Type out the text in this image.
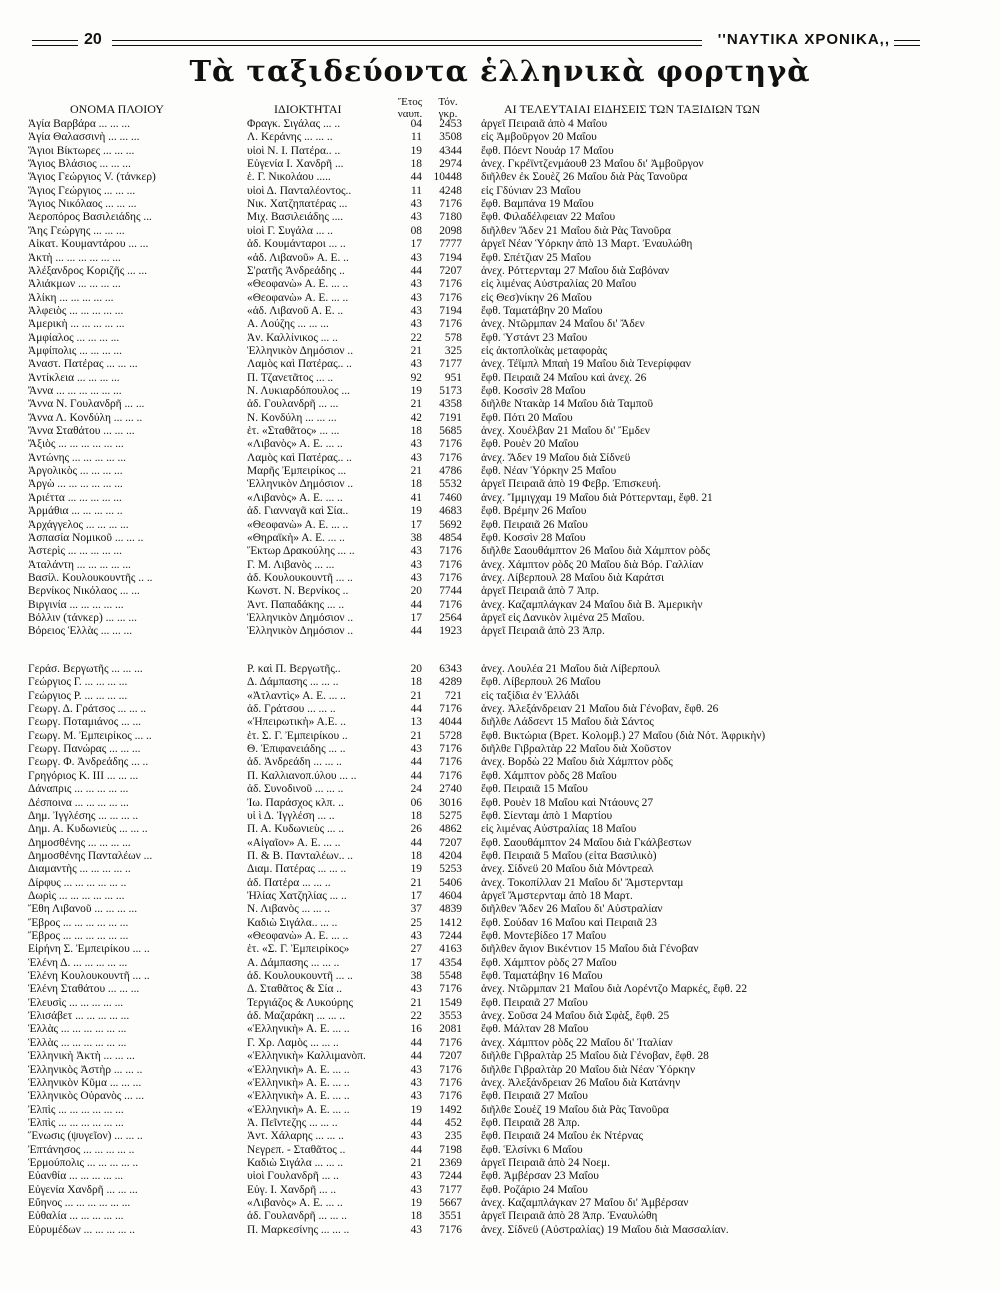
20	''ΝΑΥΤΙΚΑ ΧΡΟΝΙΚΑ,,
Τὰ ταξιδεύοντα ἑλληνικὰ φορτηγὰ
ΟΝΟΜΑ ΠΛΟΙΟΥ	ΙΔΙΟΚΤΗΤΑΙ	Ἔτος ναυπ.
Τόν. γκρ.	ΑΙ ΤΕΛΕΥΤΑΙΑΙ ΕΙΔΗΣΕΙΣ ΤΩΝ ΤΑΞΙΔΙΩΝ ΤΩΝ
Ἁγία Βαρβάρα ... ... ...	Φραγκ. Σιγάλας ... ..	04	2453 ἀργεῖ Πειραιᾶ ἀπὸ 4 Μαΐου
Ἁγία Θαλασσινὴ ... ... ...	Λ. Κεράνης ... ... ..	11	3508 εἰς Ἀμβοῦργον 20 Μαΐου
Ἅγιοι Βίκτωρες ... ... ...	υἱοὶ Ν. Ι. Πατέρα.. ..	19	4344 ἔφθ. Πόεντ Νουάρ 17 Μαΐου
Ἅγιος Βλάσιος ... ... ...	Εὐγενία Ι. Χανδρῆ ...	18	2974 ἀνεχ. Γκρέϊντζενμάουθ 23 Μαΐου δι' Ἀμβοῦργον
Ἅγιος Γεώργιος V. (τάνκερ)	ἑ. Γ. Νικολάου .....	44	10448 διῆλθεν ἐκ Σουὲζ 26 Μαΐου διὰ Ρὰς Τανοῦρα
Ἅγιος Γεώργιος ... ... ...	υἱοὶ Δ. Πανταλέοντος..	11	4248 εἰς Γδύνιαν 23 Μαΐου
Ἅγιος Νικόλαος ... ... ...	Νικ. Χατζηπατέρας ...	43	7176 ἔφθ. Βαμπάνα 19 Μαΐου
Ἀεροπόρος Βασιλειάδης ...	Μιχ. Βασιλειάδης ....	43	7180 ἔφθ. Φιλαδέλφειαν 22 Μαΐου
Ἄης Γεώργης ... ... ...	υἱοὶ Γ. Συγάλα ... ..	08	2098 διῆλθεν Ἄδεν 21 Μαΐου διὰ Ρὰς Τανοῦρα
Αἰκατ. Κουμαντάρου ... ...	ἀδ. Κουμάνταροι ... ..	17	7777 ἀργεῖ Νέαν Ὑόρκην ἀπὸ 13 Μαρτ. Ἐναυλώθη
Ἀκτὴ ... ... ... ... ... ...	«ἀδ. Λιβανοῦ» Α. Ε. ..	43	7194 ἔφθ. Σπέτζιαν 25 Μαΐου
Ἀλέξανδρος Κοριζῆς ... ...	Σ'ρατῆς Ἀνδρεάδης ..	44	7207 ἀνεχ. Ρόττερνταμ 27 Μαΐου διὰ Σαβόναν
Ἀλιάκμων ... ... ... ...	«Θεοφανὼ» Α. Ε. ... ..	43	7176 εἰς λιμένας Αὐστραλίας 20 Μαΐου
Ἀλίκη ... ... ... ... ...	«Θεοφανὼ» Α. Ε. ... ..	43	7176 εἰς Θεσ)νίκην 26 Μαΐου
Ἀλφειὸς ... ... ... ... ...	«ἀδ. Λιβανοῦ Α. Ε. ..	43	7194 ἔφθ. Ταματάβην 20 Μαΐου
Ἀμερικὴ ... ... ... ... ...	Α. Λούζης ... ... ...	43	7176 ἀνεχ. Ντῶρμπαν 24 Μαΐου δι' Ἄδεν
Ἀμφίαλος ... ... ... ...	Ἀν. Καλλίνικος ... ..	22	578 ἔφθ. Ὑστάντ 23 Μαΐου
Ἀμφίπολις ... ... ... ...	Ἑλληνικὸν Δημόσιον ..	21	325 εἰς ἀκτοπλοϊκὰς μεταφορὰς
Ἀναστ. Πατέρας ... ... ...	Λαμὸς καὶ Πατέρας.. ..	43	7177 ἀνεχ. Τέϊμπλ Μπαὴ 19 Μαΐου διὰ Τενερίφφαν
Ἀντίκλεια ... ... ... ...	Π. Τζανετᾶτος ... ..	92	951 ἔφθ. Πειραιᾶ 24 Μαΐου καὶ ἀνεχ. 26
Ἄννα ... ... ... ... ... ...	Ν. Λυκιαρδόπουλος ...	19	5173 ἔφθ. Κοσσὶν 28 Μαΐου
Ἄννα Ν. Γουλανδρῆ ... ...	ἀδ. Γουλανδρῆ ... ...	21	4358 διῆλθε Ντακὰρ 14 Μαΐου διὰ Ταμποῦ
Ἄννα Λ. Κονδύλη ... ... ..	Ν. Κονδύλη ... ... ...	42	7191 ἔφθ. Πότι 20 Μαΐου
Ἄννα Σταθάτου ... ... ...	ἑτ. «Σταθᾶτος» ... ...	18	5685 ἀνεχ. Χουέλβαν 21 Μαΐου δι' Ἔμδεν
Ἄξιὸς ... ... ... ... ... ...	«Λιβανὸς» Α. Ε. ... ..	43	7176 ἔφθ. Ρουὲν 20 Μαΐου
Ἀντώνης ... ... ... ... ...	Λαμὸς καὶ Πατέρας.. ..	43	7176 ἀνεχ. Ἄδεν 19 Μαΐου διὰ Σίδνεϋ
Ἀργολικὸς ... ... ... ...	Μαρῆς Ἐμπειρίκος ...	21	4786 ἔφθ. Νέαν Ὑόρκην 25 Μαΐου
Ἀργὼ ... ... ... ... ... ...	Ἑλληνικὸν Δημόσιον ..	18	5532 ἀργεῖ Πειραιᾶ ἀπὸ 19 Φεβρ. Ἐπισκευή.
Ἀριέττα ... ... ... ... ...	«Λιβανὸς» Α. Ε. ... ..	41	7460 ἀνεχ. Ἴμμιγχαμ 19 Μαΐου διὰ Ρόττερνταμ, ἔφθ. 21
Ἀρμάθια ... ... ... ... ..	ἀδ. Γιανναγᾶ καὶ Σία..	19	4683 ἔφθ. Βρέμην 26 Μαΐου
Ἀρχάγγελος ... ... ... ...	«Θεοφανὼ» Α. Ε. ... ..	17	5692 ἔφθ. Πειραιᾶ 26 Μαΐου
Ἀσπασία Νομικοῦ ... ... ..	«Θηραϊκὴ» Α. Ε. ... ..	38	4854 ἔφθ. Κοσσὶν 28 Μαΐου
Ἀστερὶς ... ... ... ... ...	Ἕκτωρ Δρακούλης ... ..	43	7176 διῆλθε Σαουθάμπτον 26 Μαΐου διὰ Χάμπτον ρὸδς
Ἀταλάντη ... ... ... ... ...	Γ. Μ. Λιβανὸς ... ...	43	7176 ἀνεχ. Χάμπτον ρὸδς 20 Μαΐου διὰ Βόρ. Γαλλίαν
Βασίλ. Κουλουκουντῆς .. ..	ἀδ. Κουλουκουντῆ ... ..	43	7176 ἀνεχ. Λίβερπουλ 28 Μαΐου διὰ Καράτσι
Βερνίκος Νικόλαος ... ...	Κωνστ. Ν. Βερνίκος ..	20	7744 ἀργεῖ Πειραιᾶ ἀπὸ 7 Ἀπρ.
Βιργινία ... ... ... ... ...	Ἀντ. Παπαδάκης ... ..	44	7176 ἀνεχ. Καζαμπλάγκαν 24 Μαΐου διὰ Β. Ἀμερικὴν
Βόλλιν (τάνκερ) ... ... ...	Ἑλληνικὸν Δημόσιον ..	17	2564 ἀργεῖ εἰς Δανικὸν λιμένα 25 Μαΐου.
Βόρειος Ἑλλὰς ... ... ...	Ἑλληνικὸν Δημόσιον ..	44	1923 ἀργεῖ Πειραιᾶ ἀπὸ 23 Ἀπρ.
Γεράσ. Βεργωτῆς ... ... ...	Ρ. καὶ Π. Βεργωτῆς..	20	6343 ἀνεχ. Λουλέα 21 Μαΐου διὰ Λίβερπουλ
Γεώργιος Γ. ... ... ... ...	Δ. Δάμπασης ... ... ..	18	4289 ἔφθ. Λίβερπουλ 26 Μαΐου
Γεώργιος Ρ. ... ... ... ...	«Ἀτλαντὶς» Α. Ε. ... ..	21	721 εἰς ταξίδια ἐν Ἑλλάδι
Γεωργ. Δ. Γράτσος ... ... ..	ἀδ. Γράτσου ... ... ..	44	7176 ἀνεχ. Ἀλεξάνδρειαν 21 Μαΐου διὰ Γένοβαν, ἔφθ. 26
Γεωργ. Ποταμιάνος ... ...	«Ἠπειρωτικὴ» Α.Ε. ..	13	4044 διῆλθε Λάδσεντ 15 Μαΐου διὰ Σάντος
Γεωργ. Μ. Ἐμπειρίκος ... ..	ἑτ. Σ. Γ. Ἐμπειρίκου ..	21	5728 ἔφθ. Βικτώρια (Βρετ. Κολομβ.) 27 Μαΐου (διὰ Νότ. Ἀφρικὴν)
Γεωργ. Πανώρας ... ... ...	Θ. Ἐπιφανειάδης ... ..	43	7176 διῆλθε Γιβραλτὰρ 22 Μαΐου διὰ Χοῦστον
Γεωργ. Φ. Ἀνδρεάδης ... ..	ἀδ. Ἀνδρεάδη ... ... ..	44	7176 ἀνεχ. Βορδὼ 22 Μαΐου διὰ Χάμπτον ρὸδς
Γρηγόριος Κ. III ... ... ...	Π. Καλλιανοπ.ύλου ... ..	44	7176 ἔφθ. Χάμπτον ρὸδς 28 Μαΐου
Δάναπρις ... ... ... ... ...	ἀδ. Συνοδινοῦ ... ... ..	24	2740 ἔφθ. Πειραιᾶ 15 Μαΐου
Δέσποινα ... ... ... ... ...	Ἰω. Παράσχος κλπ. ..	06	3016 ἔφθ. Ρουὲν 18 Μαΐου καὶ Ντάουνς 27
Δημ. Ἰγγλέσης ... ... ... ..	υἱ ὶ Δ. Ἰγγλέση ... ..	18	5275 ἔφθ. Σίενταμ ἀπὸ 1 Μαρτίου
Δημ. Α. Κυδωνιεὺς ... ... ..	Π. Α. Κυδωνιεὺς ... ..	26	4862 εἰς λιμένας Αὐστραλίας 18 Μαΐου
Δημοσθένης ... ... ... ...	«Αἰγαῖον» Α. Ε. ... ..	44	7207 ἔφθ. Σαουθάμπτον 24 Μαΐου διὰ Γκάλβεστων
Δημοσθένης Πανταλέων ...	Π. & Β. Πανταλέων.. ..	18	4204 ἔφθ. Πειραιᾶ 5 Μαΐου (εἰτα Βασιλικὸ)
Διαμαντὴς ... ... ... ... ..	Διαμ. Πατέρας ... ... ..	19	5253 ἀνεχ. Σίδνεϋ 20 Μαΐου διὰ Μόντρεαλ
Δίρφυς ... ... ... ... ... ..	ἀδ. Πατέρα ... ... ..	21	5406 ἀνεχ. Τοκοπίλλαν 21 Μαΐου δι' Ἄμστερνταμ
Δωρὶς ... ... ... ... ... ...	Ἠλίας Χατζηλίας ... ..	17	4604 ἀργεῖ Ἄμστερνταμ ἀπὸ 18 Μαρτ.
Ἔθη Λιβανοῦ ... ... ... ...	Ν. Λιβανὸς ... ... ..	37	4839 διῆλθεν Ἄδεν 26 Μαΐου δι' Αὐστραλίαν
Ἔβρος ... ... ... ... ... ...	Καδιὼ Σιγάλα.. ... ..	25	1412 ἔφθ. Σούδαν 16 Μαΐου καὶ Πειραιᾶ 23
Ἔβρος ... ... ... ... ... ...	«Θεοφανὼ» Α. Ε. ... ..	43	7244 ἔφθ. Μοντεβίδεο 17 Μαΐου
Εἰρήνη Σ. Ἐμπειρίκου ... ..	ἑτ. «Σ. Γ. Ἐμπειρίκος»	27	4163 διῆλθεν ἅγιον Βικέντιον 15 Μαΐου διὰ Γένοβαν
Ἑλένη Δ. ... ... ... ... ...	Α. Δάμπασης ... ... ..	17	4354 ἔφθ. Χάμπτον ρὸδς 27 Μαΐου
Ἑλένη Κουλουκουντῆ ... ..	ἀδ. Κουλουκουντῆ ... ..	38	5548 ἔφθ. Ταματάβην 16 Μαΐου
Ἑλένη Σταθάτου ... ... ...	Δ. Σταθᾶτος & Σία ..	43	7176 ἀνεχ. Ντῶρμπαν 21 Μαΐου διὰ Λορέντζο Μαρκές, ἔφθ. 22
Ἐλευσὶς ... ... ... ... ...	Τεργιάζος & Λυκούρης	21	1549 ἔφθ. Πειραιᾶ 27 Μαΐου
Ἐλισάβετ ... ... ... ... ...	ἀδ. Μαζαράκη ... ... ..	22	3553 ἀνεχ. Σοῦσα 24 Μαΐου διὰ Σφὰξ, ἔφθ. 25
Ἑλλὰς ... ... ... ... ... ...	«Ἑλληνικὴ» Α. Ε. ... ..	16	2081 ἔφθ. Μάλταν 28 Μαΐου
Ἑλλὰς ... ... ... ... ... ...	Γ. Χρ. Λαμὸς ... ... ..	44	7176 ἀνεχ. Χάμπτον ρὸδς 22 Μαΐου δι' Ἰταλίαν
Ἑλληνικὴ Ἀκτὴ ... ... ...	«Ἑλληνικὴ» Καλλιμανὸπ.	44	7207 διῆλθε Γιβραλτὰρ 25 Μαΐου διὰ Γένοβαν, ἔφθ. 28
Ἑλληνικὸς Ἀστὴρ ... ... ..	«Ἑλληνικὴ» Α. Ε. ... ..	43	7176 διῆλθε Γιβραλτὰρ 20 Μαΐου διὰ Νέαν Ὑόρκην
Ἑλληνικὸν Κῦμα ... ... ...	«Ἑλληνικὴ» Α. Ε. ... ..	43	7176 ἀνεχ. Ἀλεξάνδρειαν 26 Μαΐου διὰ Κατάνην
Ἑλληνικὸς Οὐρανὸς ... ...	«Ἑλληνικὴ» Α. Ε. ... ..	43	7176 ἔφθ. Πειραιᾶ 27 Μαΐου
Ἐλπὶς ... ... ... ... ... ...	«Ἑλληνικὴ» Α. Ε. ... ..	19	1492 διῆλθε Σουὲζ 19 Μαΐου διὰ Ρὰς Τανοῦρα
Ἐλπὶς ... ... ... ... ... ...	Ἀ. Πεῖντεζης ... ... ..	44	452 ἔφθ. Πειραιᾶ 28 Ἀπρ.
Ἕνωσις (ψυγεῖον) ... ... ..	Ἀντ. Χάλαρης ... ... ..	43	235 ἔφθ. Πειραιᾶ 24 Μαΐου ἐκ Ντέρνας
Ἐπτάνησος ... ... ... ... ..	Νεγρεπ. - Σταθᾶτος ..	44	7198 ἔφθ. Ἑλσίνκι 6 Μαΐου
Ἑρμούπολις ... ... ... ... ..	Καδιὼ Σιγάλα ... ... ..	21	2369 ἀργεῖ Πειραιᾶ ἀπὸ 24 Νοεμ.
Εὐανθία ... ... ... ... ...	υἱοὶ Γουλανδρῆ ... ..	43	7244 ἔφθ. Ἀμβέρσαν 23 Μαΐου
Εὐγενία Χανδρῆ ... ... ...	Εὐγ. Ι. Χανδρῆ ... ..	43	7177 ἔφθ. Ροζάριο 24 Μαΐου
Εὔηνος ... ... ... ... ... ...	«Λιβανὸς» Α. Ε. ... ..	19	5667 ἀνεχ. Καζαμπλάγκαν 27 Μαΐου δι' Ἀμβέρσαν
Εὐθαλία ... ... ... ... ...	ἀδ. Γουλανδρῆ ... ... ..	18	3551 ἀργεῖ Πειραιᾶ ἀπὸ 28 Ἀπρ. Ἐναυλώθη
Εὐρυμέδων ... ... ... ... ..	Π. Μαρκεσίνης ... ... ..	43	7176 ἀνεχ. Σίδνεϋ (Αὐστραλίας) 19 Μαΐου διὰ Μασσαλίαν.
